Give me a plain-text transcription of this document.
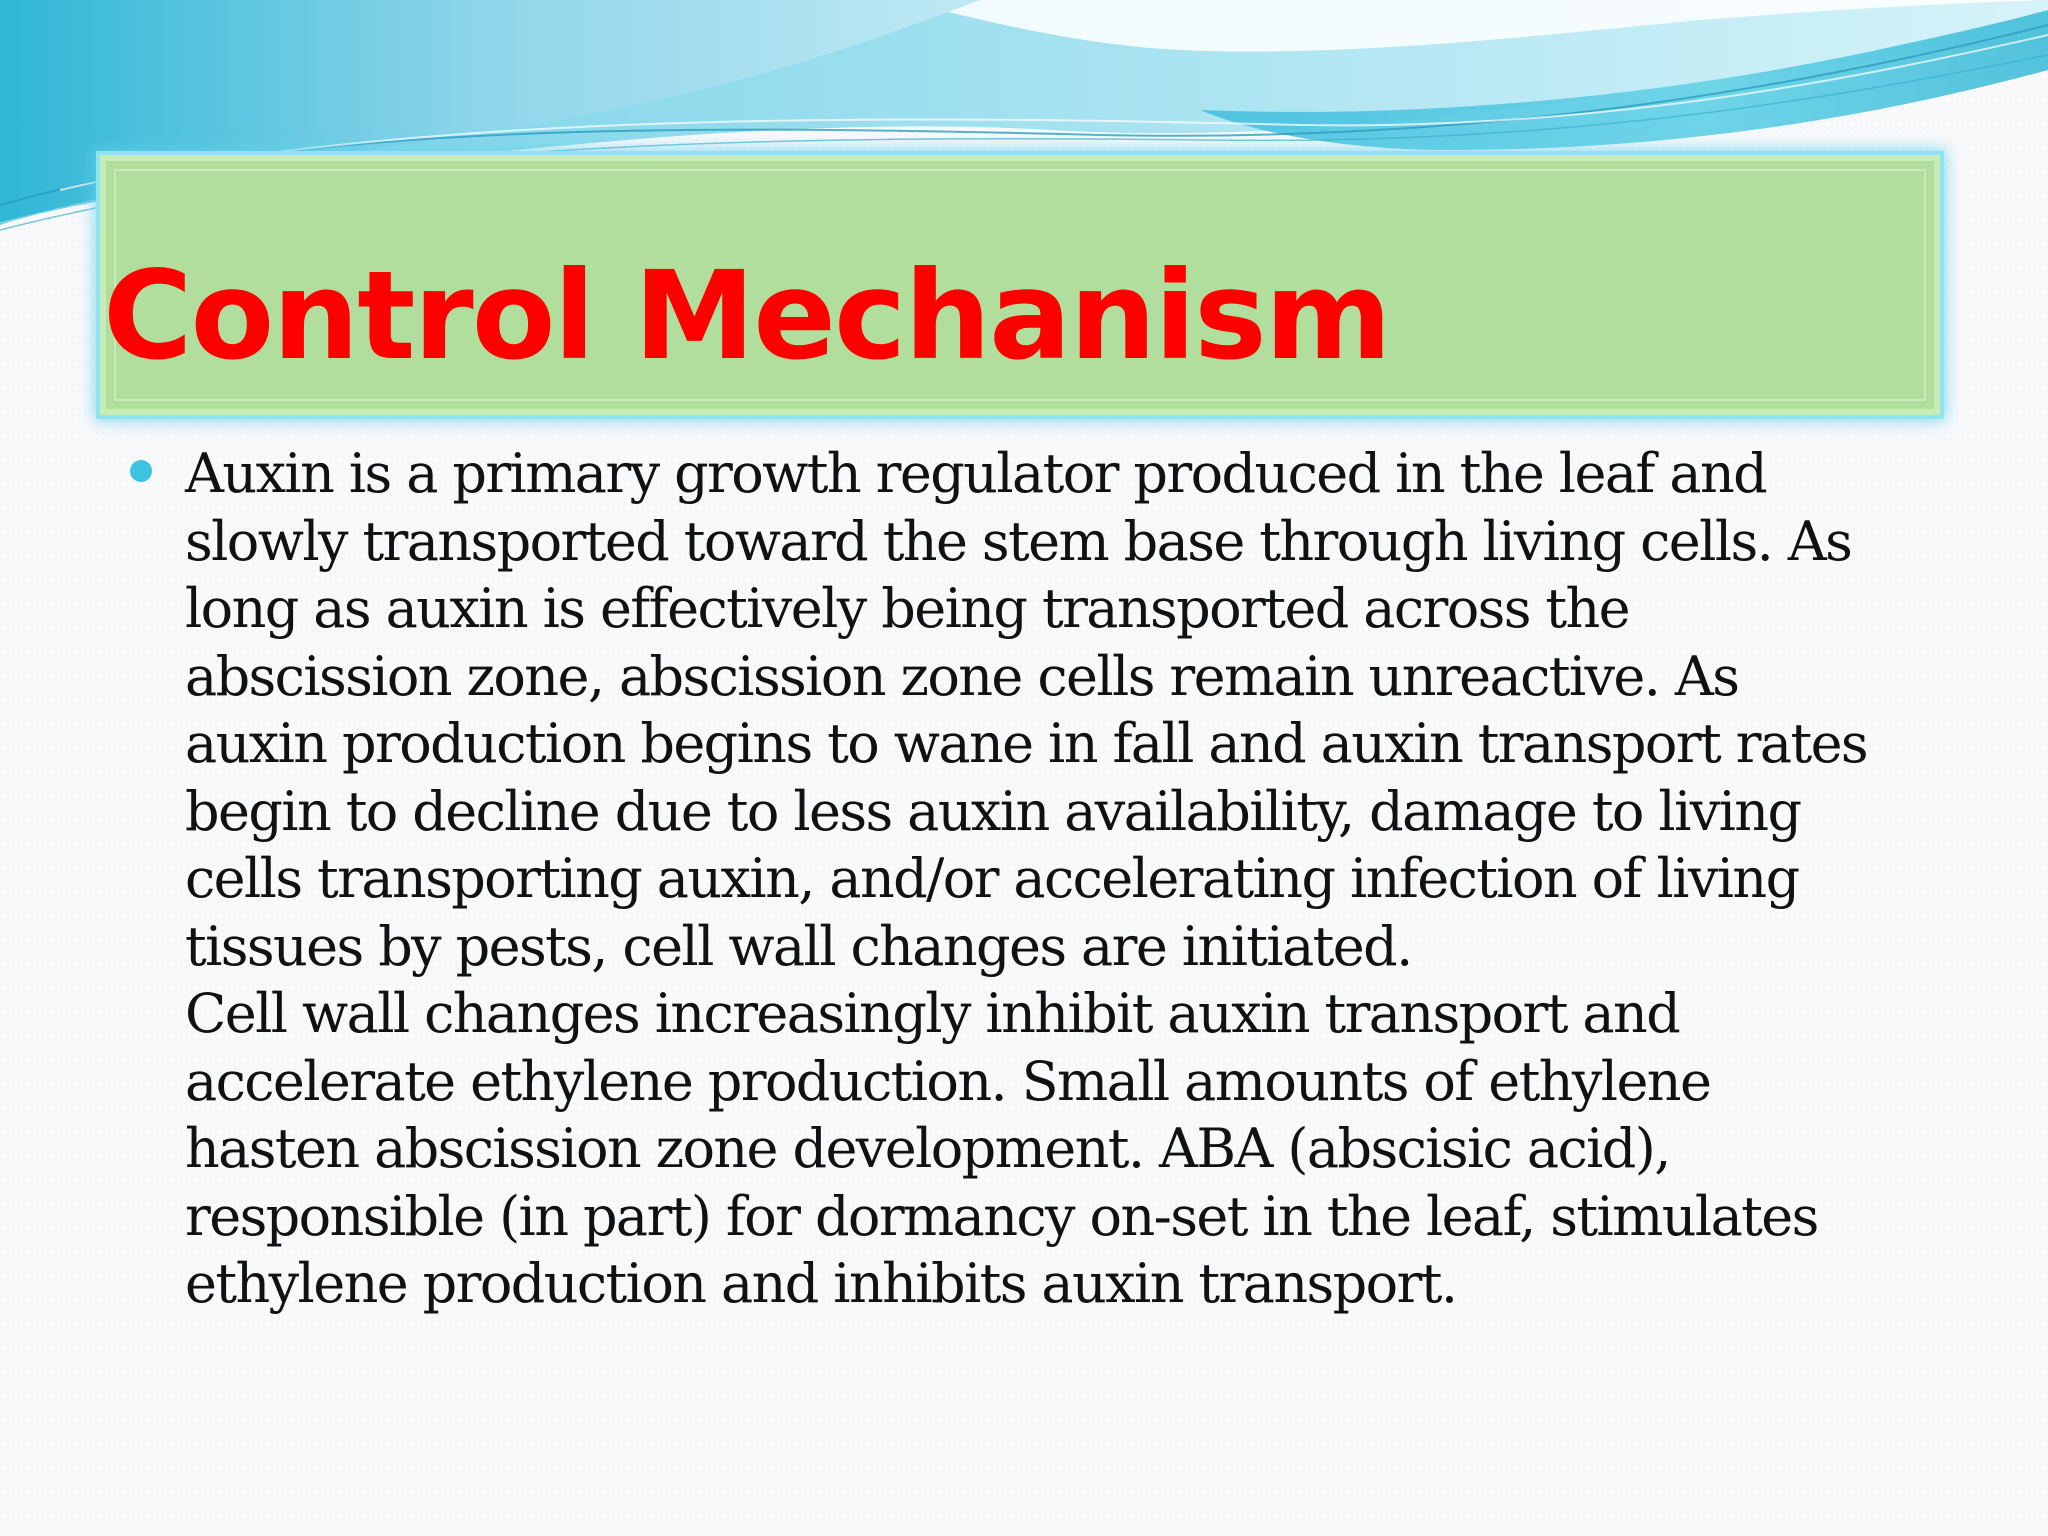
Control Mechanism

Auxin is a primary growth regulator produced in the leaf and
slowly transported toward the stem base through living cells. As
long as auxin is effectively being transported across the
abscission zone, abscission zone cells remain unreactive. As
auxin production begins to wane in fall and auxin transport rates
begin to decline due to less auxin availability, damage to living
cells transporting auxin, and/or accelerating infection of living
tissues by pests, cell wall changes are initiated.
Cell wall changes increasingly inhibit auxin transport and
accelerate ethylene production. Small amounts of ethylene
hasten abscission zone development. ABA (abscisic acid),
responsible (in part) for dormancy on-set in the leaf, stimulates
ethylene production and inhibits auxin transport.
